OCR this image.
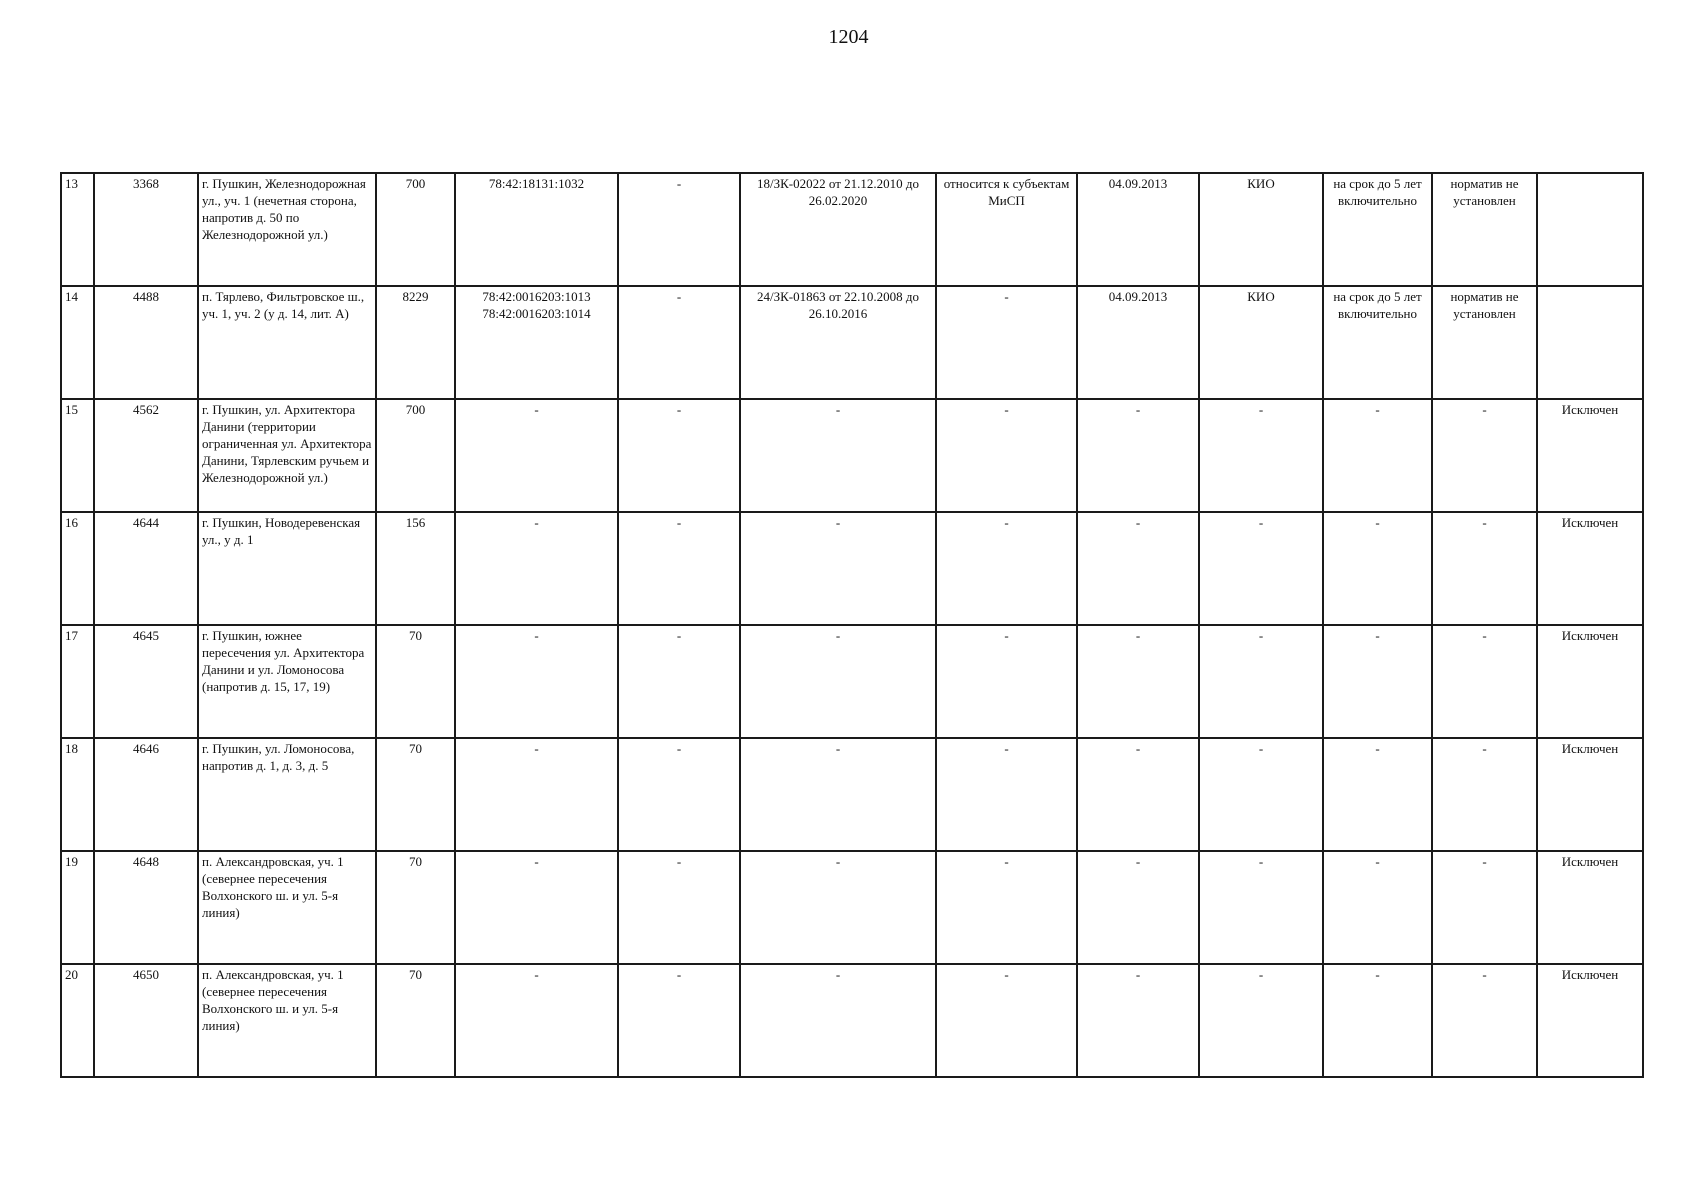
1204
13	3368	г. Пушкин, Железнодорожная ул., уч. 1 (нечетная сторона, напротив д. 50 по Железнодорожной ул.)	700	78:42:18131:1032	-	18/ЗК-02022 от 21.12.2010 до 26.02.2020	относится к субъектам МиСП	04.09.2013	КИО	на срок до 5 лет включительно	норматив не установлен	
14	4488	п. Тярлево, Фильтровское ш., уч. 1, уч. 2 (у д. 14, лит. А)	8229	78:42:0016203:1013 78:42:0016203:1014	-	24/ЗК-01863 от 22.10.2008 до 26.10.2016	-	04.09.2013	КИО	на срок до 5 лет включительно	норматив не установлен	
15	4562	г. Пушкин, ул. Архитектора Данини (территории ограниченная ул. Архитектора Данини, Тярлевским ручьем и Железнодорожной ул.)	700	-	-	-	-	-	-	-	-	Исключен
16	4644	г. Пушкин, Новодеревенская ул., у д. 1	156	-	-	-	-	-	-	-	-	Исключен
17	4645	г. Пушкин, южнее пересечения ул. Архитектора Данини и ул. Ломоносова (напротив д. 15, 17, 19)	70	-	-	-	-	-	-	-	-	Исключен
18	4646	г. Пушкин, ул. Ломоносова, напротив д. 1, д. 3, д. 5	70	-	-	-	-	-	-	-	-	Исключен
19	4648	п. Александровская, уч. 1 (севернее пересечения Волхонского ш. и ул. 5-я линия)	70	-	-	-	-	-	-	-	-	Исключен
20	4650	п. Александровская, уч. 1 (севернее пересечения Волхонского ш. и ул. 5-я линия)	70	-	-	-	-	-	-	-	-	Исключен
